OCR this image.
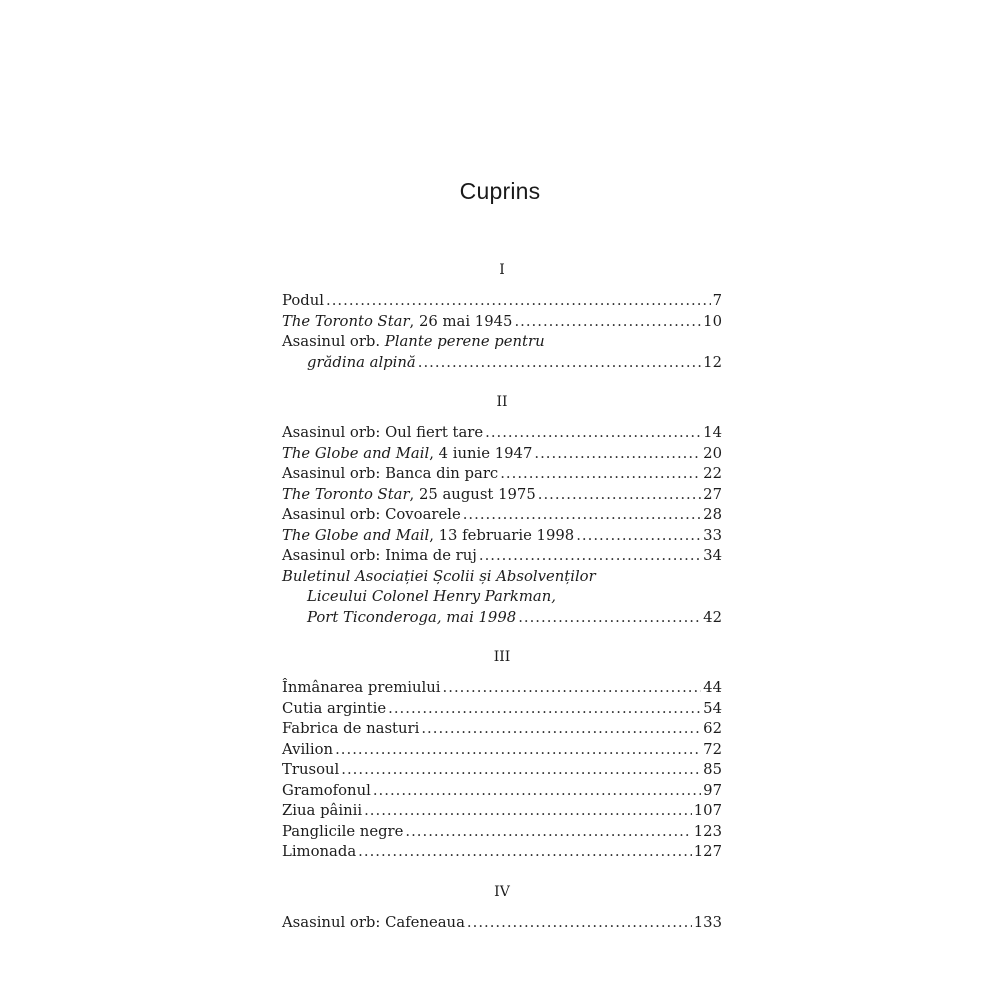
Cuprins
I
Podul .....	7
The Toronto Star, 26 mai 1945 .....	10
Asasinul orb. Plante perene pentru
grădina alpină .....	12
II
Asasinul orb: Oul fiert tare .....	14
The Globe and Mail, 4 iunie 1947 .....	20
Asasinul orb: Banca din parc .....	22
The Toronto Star, 25 august 1975 .....	27
Asasinul orb: Covoarele .....	28
The Globe and Mail, 13 februarie 1998 .....	33
Asasinul orb: Inima de ruj .....	34
Buletinul Asociației Școlii și Absolvenților
Liceului Colonel Henry Parkman,
Port Ticonderoga, mai 1998 .....	42
III
Înmânarea premiului .....	44
Cutia argintie .....	54
Fabrica de nasturi .....	62
Avilion .....	72
Trusoul .....	85
Gramofonul .....	97
Ziua pâinii .....	107
Panglicile negre .....	123
Limonada .....	127
IV
Asasinul orb: Cafeneaua .....	133
